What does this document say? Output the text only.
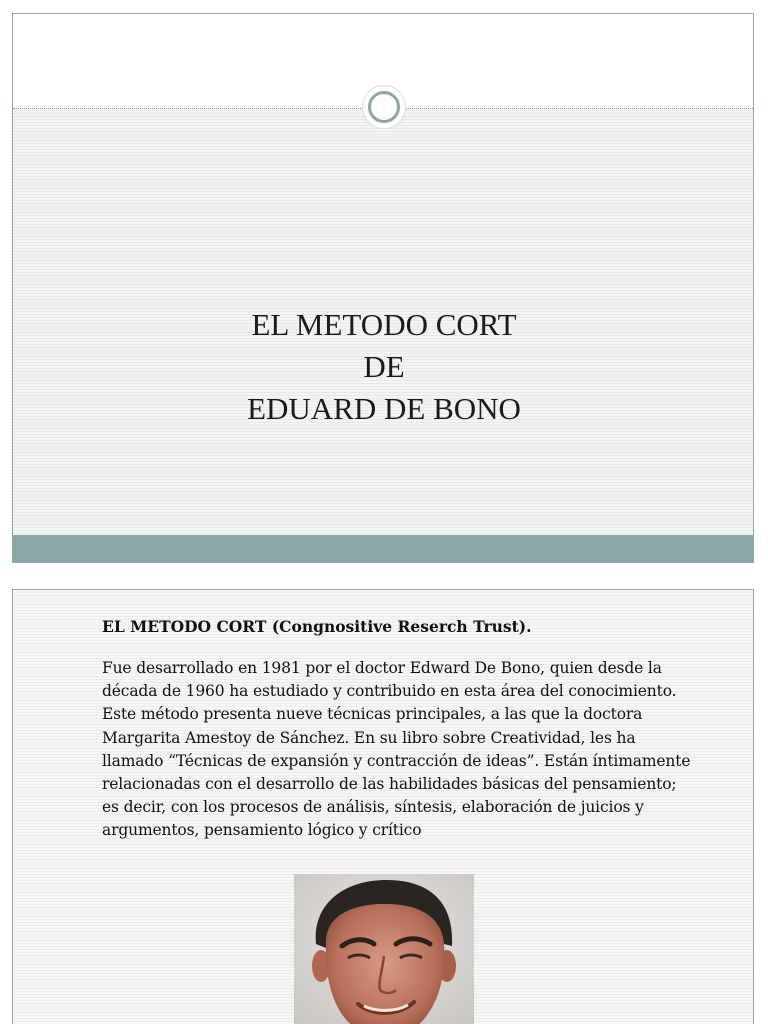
EL METODO CORT
DE
EDUARD DE BONO

EL METODO CORT (Congnositive Reserch Trust).

Fue desarrollado en 1981 por el doctor Edward De Bono, quien desde la década de 1960 ha estudiado y contribuido en esta área del conocimiento. Este método presenta nueve técnicas principales, a las que la doctora Margarita Amestoy de Sánchez. En su libro sobre Creatividad, les ha llamado “Técnicas de expansión y contracción de ideas”. Están íntimamente relacionadas con el desarrollo de las habilidades básicas del pensamiento; es decir, con los procesos de análisis, síntesis, elaboración de juicios y argumentos, pensamiento lógico y crítico
